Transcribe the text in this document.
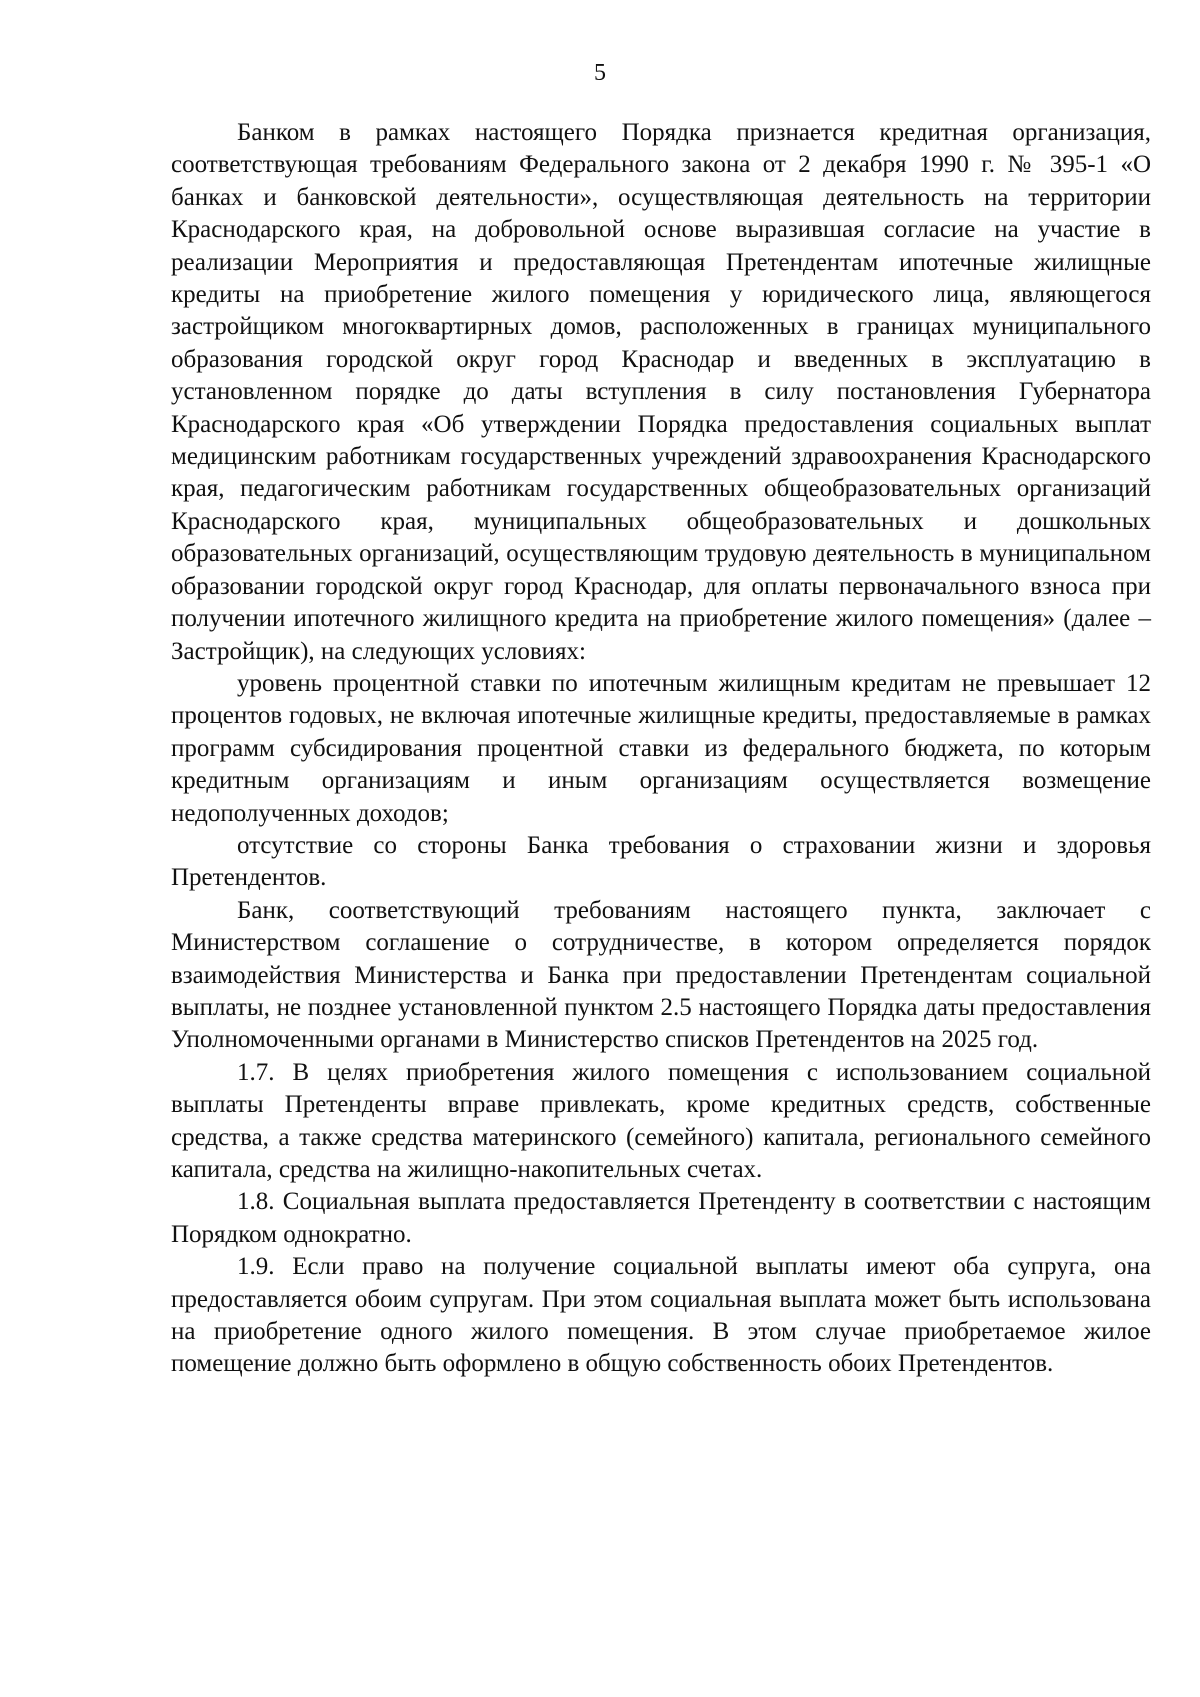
5

Банком в рамках настоящего Порядка признается кредитная организация, соответствующая требованиям Федерального закона от 2 декабря 1990 г. № 395-1 «О банках и банковской деятельности», осуществляющая деятельность на территории Краснодарского края, на добровольной основе выразившая согласие на участие в реализации Мероприятия и предоставляющая Претендентам ипотечные жилищные кредиты на приобретение жилого помещения у юридического лица, являющегося застройщиком многоквартирных домов, расположенных в границах муниципального образования городской округ город Краснодар и введенных в эксплуатацию в установленном порядке до даты вступления в силу постановления Губернатора Краснодарского края «Об утверждении Порядка предоставления социальных выплат медицинским работникам государственных учреждений здравоохранения Краснодарского края, педагогическим работникам государственных общеобразовательных организаций Краснодарского края, муниципальных общеобразовательных и дошкольных образовательных организаций, осуществляющим трудовую деятельность в муниципальном образовании городской округ город Краснодар, для оплаты первоначального взноса при получении ипотечного жилищного кредита на приобретение жилого помещения» (далее – Застройщик), на следующих условиях:

уровень процентной ставки по ипотечным жилищным кредитам не превышает 12 процентов годовых, не включая ипотечные жилищные кредиты, предоставляемые в рамках программ субсидирования процентной ставки из федерального бюджета, по которым кредитным организациям и иным организациям осуществляется возмещение недополученных доходов;

отсутствие со стороны Банка требования о страховании жизни и здоровья Претендентов.

Банк, соответствующий требованиям настоящего пункта, заключает с Министерством соглашение о сотрудничестве, в котором определяется порядок взаимодействия Министерства и Банка при предоставлении Претендентам социальной выплаты, не позднее установленной пунктом 2.5 настоящего Порядка даты предоставления Уполномоченными органами в Министерство списков Претендентов на 2025 год.

1.7. В целях приобретения жилого помещения с использованием социальной выплаты Претенденты вправе привлекать, кроме кредитных средств, собственные средства, а также средства материнского (семейного) капитала, регионального семейного капитала, средства на жилищно-накопительных счетах.

1.8. Социальная выплата предоставляется Претенденту в соответствии с настоящим Порядком однократно.

1.9. Если право на получение социальной выплаты имеют оба супруга, она предоставляется обоим супругам. При этом социальная выплата может быть использована на приобретение одного жилого помещения. В этом случае приобретаемое жилое помещение должно быть оформлено в общую собственность обоих Претендентов.
